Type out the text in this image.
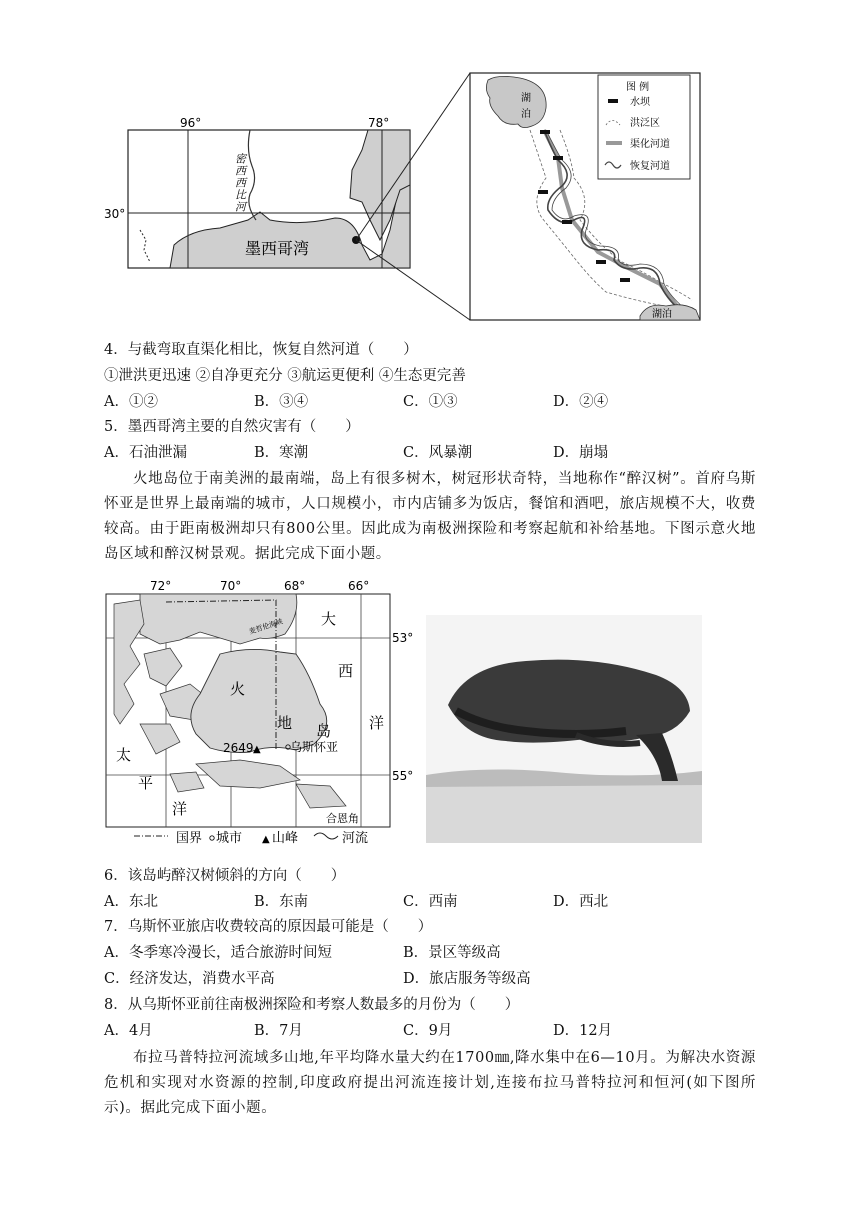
96°	78°
30°
密西西比河
墨西哥湾
湖泊
湖泊
图 例
水坝
洪泛区
渠化河道
恢复河道
4．与截弯取直渠化相比，恢复自然河道（　　）
①泄洪更迅速 ②自净更充分 ③航运更便利 ④生态更完善
A．①②	B．③④	C．①③	D．②④
5．墨西哥湾主要的自然灾害有（　　）
A．石油泄漏	B．寒潮	C．风暴潮	D．崩塌
火地岛位于南美洲的最南端，岛上有很多树木，树冠形状奇特，当地称作“醉汉树”。首府乌斯怀亚是世界上最南端的城市，人口规模小，市内店铺多为饭店，餐馆和酒吧，旅店规模不大，收费较高。由于距南极洲却只有800公里。因此成为南极洲探险和考察起航和补给基地。下图示意火地岛区域和醉汉树景观。据此完成下面小题。
麦哲伦海峡
72°	70°	68°	66°
53°
55°
大
西
洋
太
平
洋
火
地 岛
2649 ▲ 乌斯怀亚
合恩角
国界 城市 ▲ 山峰	河流
6．该岛屿醉汉树倾斜的方向（　　）
A．东北	B．东南	C．西南	D．西北
7．乌斯怀亚旅店收费较高的原因最可能是（　　）
A．冬季寒冷漫长，适合旅游时间短	B．景区等级高
C．经济发达，消费水平高	D．旅店服务等级高
8．从乌斯怀亚前往南极洲探险和考察人数最多的月份为（　　）
A．4月	B．7月	C．9月	D．12月
布拉马普特拉河流域多山地,年平均降水量大约在1700㎜,降水集中在6—10月。为解决水资源危机和实现对水资源的控制,印度政府提出河流连接计划,连接布拉马普特拉河和恒河(如下图所示)。据此完成下面小题。
